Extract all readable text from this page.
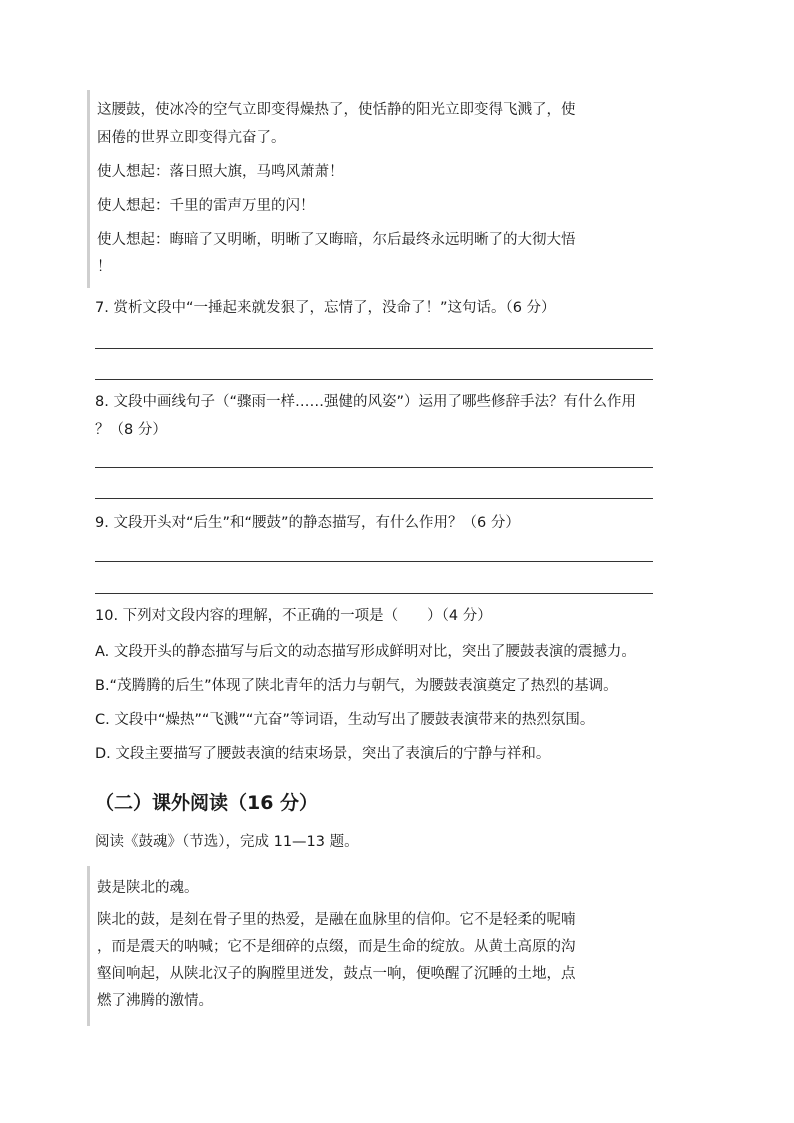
这腰鼓，使冰冷的空气立即变得燥热了，使恬静的阳光立即变得飞溅了，使
困倦的世界立即变得亢奋了。
使人想起：落日照大旗，马鸣风萧萧！
使人想起：千里的雷声万里的闪！
使人想起：晦暗了又明晰，明晰了又晦暗，尔后最终永远明晰了的大彻大悟
！
7. 赏析文段中“一捶起来就发狠了，忘情了，没命了！”这句话。（6 分）
8. 文段中画线句子（“骤雨一样……强健的风姿”）运用了哪些修辞手法？有什么作用
？（8 分）
9. 文段开头对“后生”和“腰鼓”的静态描写，有什么作用？（6 分）
10. 下列对文段内容的理解，不正确的一项是（　　）（4 分）
A. 文段开头的静态描写与后文的动态描写形成鲜明对比，突出了腰鼓表演的震撼力。
B.“茂腾腾的后生”体现了陕北青年的活力与朝气，为腰鼓表演奠定了热烈的基调。
C. 文段中“燥热”“飞溅”“亢奋”等词语，生动写出了腰鼓表演带来的热烈氛围。
D. 文段主要描写了腰鼓表演的结束场景，突出了表演后的宁静与祥和。
（二）课外阅读（16 分）
阅读《鼓魂》（节选），完成 11—13 题。
鼓是陕北的魂。
陕北的鼓，是刻在骨子里的热爱，是融在血脉里的信仰。它不是轻柔的呢喃
，而是震天的呐喊；它不是细碎的点缀，而是生命的绽放。从黄土高原的沟
壑间响起，从陕北汉子的胸膛里迸发，鼓点一响，便唤醒了沉睡的土地，点
燃了沸腾的激情。
